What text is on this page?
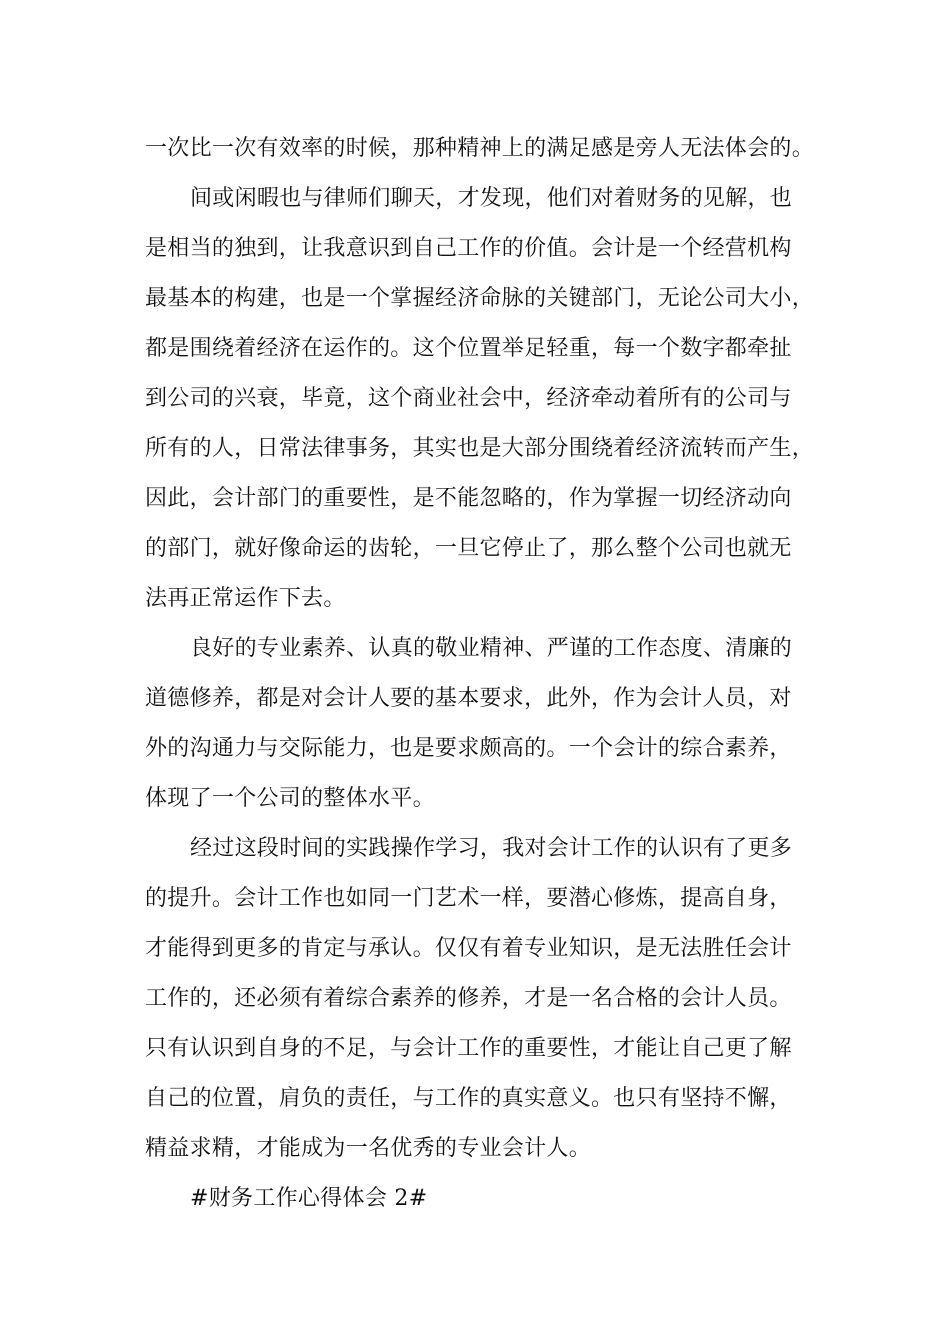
一次比一次有效率的时候，那种精神上的满足感是旁人无法体会的。
间或闲暇也与律师们聊天，才发现，他们对着财务的见解，也
是相当的独到，让我意识到自己工作的价值。会计是一个经营机构
最基本的构建，也是一个掌握经济命脉的关键部门，无论公司大小，
都是围绕着经济在运作的。这个位置举足轻重，每一个数字都牵扯
到公司的兴衰，毕竟，这个商业社会中，经济牵动着所有的公司与
所有的人，日常法律事务，其实也是大部分围绕着经济流转而产生，
因此，会计部门的重要性，是不能忽略的，作为掌握一切经济动向
的部门，就好像命运的齿轮，一旦它停止了，那么整个公司也就无
法再正常运作下去。
良好的专业素养、认真的敬业精神、严谨的工作态度、清廉的
道德修养，都是对会计人要的基本要求，此外，作为会计人员，对
外的沟通力与交际能力，也是要求颇高的。一个会计的综合素养，
体现了一个公司的整体水平。
经过这段时间的实践操作学习，我对会计工作的认识有了更多
的提升。会计工作也如同一门艺术一样，要潜心修炼，提高自身，
才能得到更多的肯定与承认。仅仅有着专业知识，是无法胜任会计
工作的，还必须有着综合素养的修养，才是一名合格的会计人员。
只有认识到自身的不足，与会计工作的重要性，才能让自己更了解
自己的位置，肩负的责任，与工作的真实意义。也只有坚持不懈，
精益求精，才能成为一名优秀的专业会计人。
#财务工作心得体会 2#
